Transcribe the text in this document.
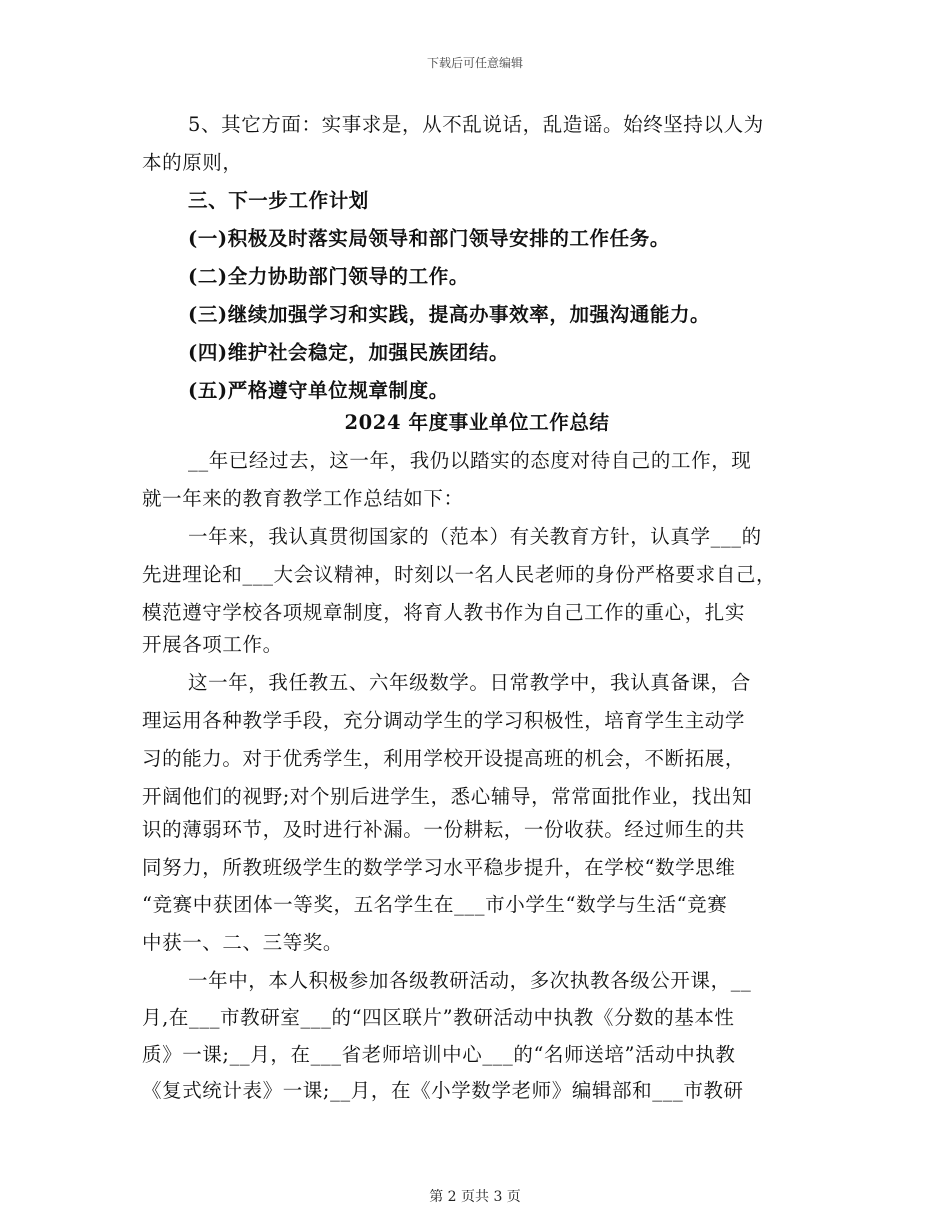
下载后可任意编辑
5、其它方面：实事求是，从不乱说话，乱造谣。始终坚持以人为
本的原则，
三、下一步工作计划
(一)积极及时落实局领导和部门领导安排的工作任务。
(二)全力协助部门领导的工作。
(三)继续加强学习和实践，提高办事效率，加强沟通能力。
(四)维护社会稳定，加强民族团结。
(五)严格遵守单位规章制度。
2024 年度事业单位工作总结
__年已经过去，这一年，我仍以踏实的态度对待自己的工作，现
就一年来的教育教学工作总结如下：
一年来，我认真贯彻国家的（范本）有关教育方针，认真学___的
先进理论和___大会议精神，时刻以一名人民老师的身份严格要求自己，
模范遵守学校各项规章制度，将育人教书作为自己工作的重心，扎实
开展各项工作。
这一年，我任教五、六年级数学。日常教学中，我认真备课，合
理运用各种教学手段，充分调动学生的学习积极性，培育学生主动学
习的能力。对于优秀学生，利用学校开设提高班的机会，不断拓展，
开阔他们的视野;对个别后进学生，悉心辅导，常常面批作业，找出知
识的薄弱环节，及时进行补漏。一份耕耘，一份收获。经过师生的共
同努力，所教班级学生的数学学习水平稳步提升，在学校“数学思维
“竞赛中获团体一等奖，五名学生在___市小学生“数学与生活“竞赛
中获一、二、三等奖。
一年中，本人积极参加各级教研活动，多次执教各级公开课，__
月,在___市教研室___的“四区联片”教研活动中执教《分数的基本性
质》一课;__月，在___省老师培训中心___的“名师送培”活动中执教
《复式统计表》一课;__月，在《小学数学老师》编辑部和___市教研
第 2 页共 3 页
